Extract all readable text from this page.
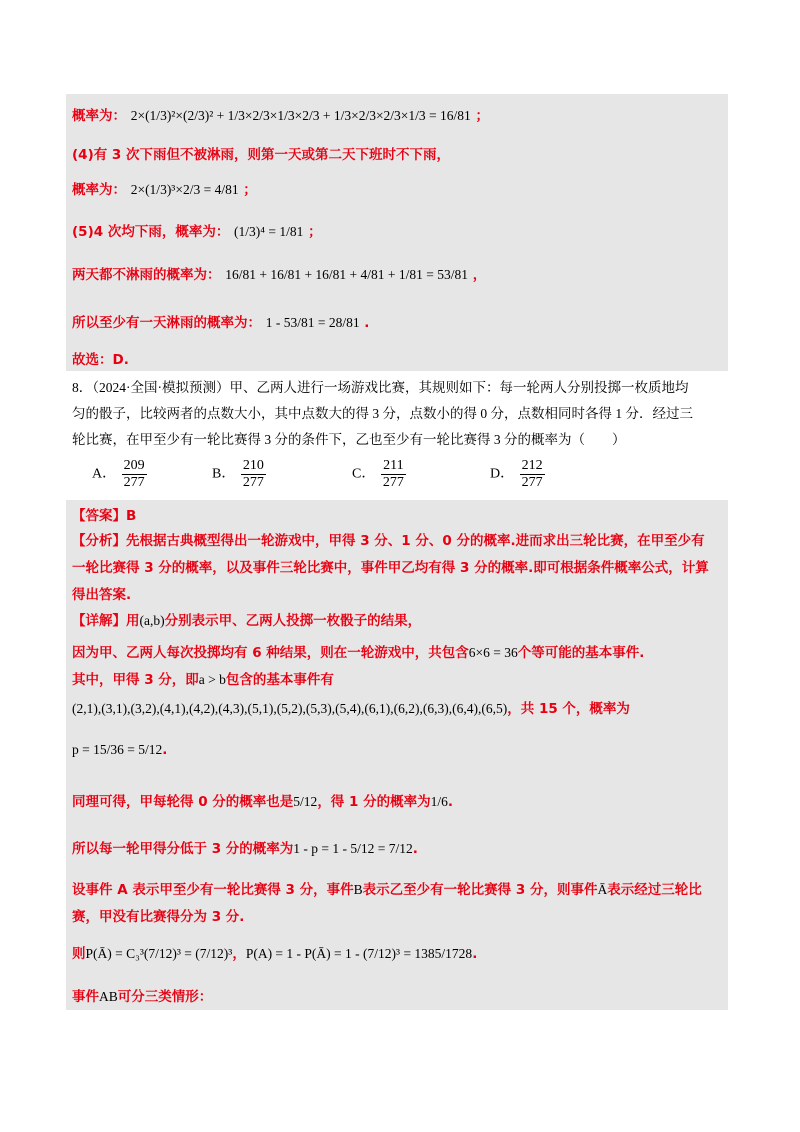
概率为： 2×(1/3)²×(2/3)² + 1/3×2/3×1/3×2/3 + 1/3×2/3×2/3×1/3 = 16/81 ；
(4)有 3 次下雨但不被淋雨，则第一天或第二天下班时不下雨，
概率为： 2×(1/3)³×2/3 = 4/81 ；
(5)4 次均下雨，概率为： (1/3)⁴ = 1/81 ；
两天都不淋雨的概率为： 16/81 + 16/81 + 16/81 + 4/81 + 1/81 = 53/81 ，
所以至少有一天淋雨的概率为： 1 - 53/81 = 28/81 .
故选：D.
8．（2024·全国·模拟预测）甲、乙两人进行一场游戏比赛，其规则如下：每一轮两人分别投掷一枚质地均
匀的骰子，比较两者的点数大小，其中点数大的得 3 分，点数小的得 0 分，点数相同时各得 1 分．经过三
轮比赛，在甲至少有一轮比赛得 3 分的条件下，乙也至少有一轮比赛得 3 分的概率为（　　）
A． $\frac{209}{277}$	B． $\frac{210}{277}$	C． $\frac{211}{277}$	D． $\frac{212}{277}$
【答案】B
【分析】先根据古典概型得出一轮游戏中，甲得 3 分、1 分、0 分的概率.进而求出三轮比赛，在甲至少有
一轮比赛得 3 分的概率，以及事件三轮比赛中，事件甲乙均有得 3 分的概率.即可根据条件概率公式，计算
得出答案.
【详解】用(a,b)分别表示甲、乙两人投掷一枚骰子的结果，
因为甲、乙两人每次投掷均有 6 种结果，则在一轮游戏中，共包含6×6 = 36个等可能的基本事件.
其中，甲得 3 分，即a > b包含的基本事件有
(2,1),(3,1),(3,2),(4,1),(4,2),(4,3),(5,1),(5,2),(5,3),(5,4),(6,1),(6,2),(6,3),(6,4),(6,5)，共 15 个，概率为
p = 15/36 = 5/12.
同理可得，甲每轮得 0 分的概率也是5/12，得 1 分的概率为1/6.
所以每一轮甲得分低于 3 分的概率为1 - p = 1 - 5/12 = 7/12.
设事件 A 表示甲至少有一轮比赛得 3 分，事件B表示乙至少有一轮比赛得 3 分，则事件Ā表示经过三轮比
赛，甲没有比赛得分为 3 分.
则P(Ā) = C₃³(7/12)³ = (7/12)³，P(A) = 1 - P(Ā) = 1 - (7/12)³ = 1385/1728.
事件AB可分三类情形：
